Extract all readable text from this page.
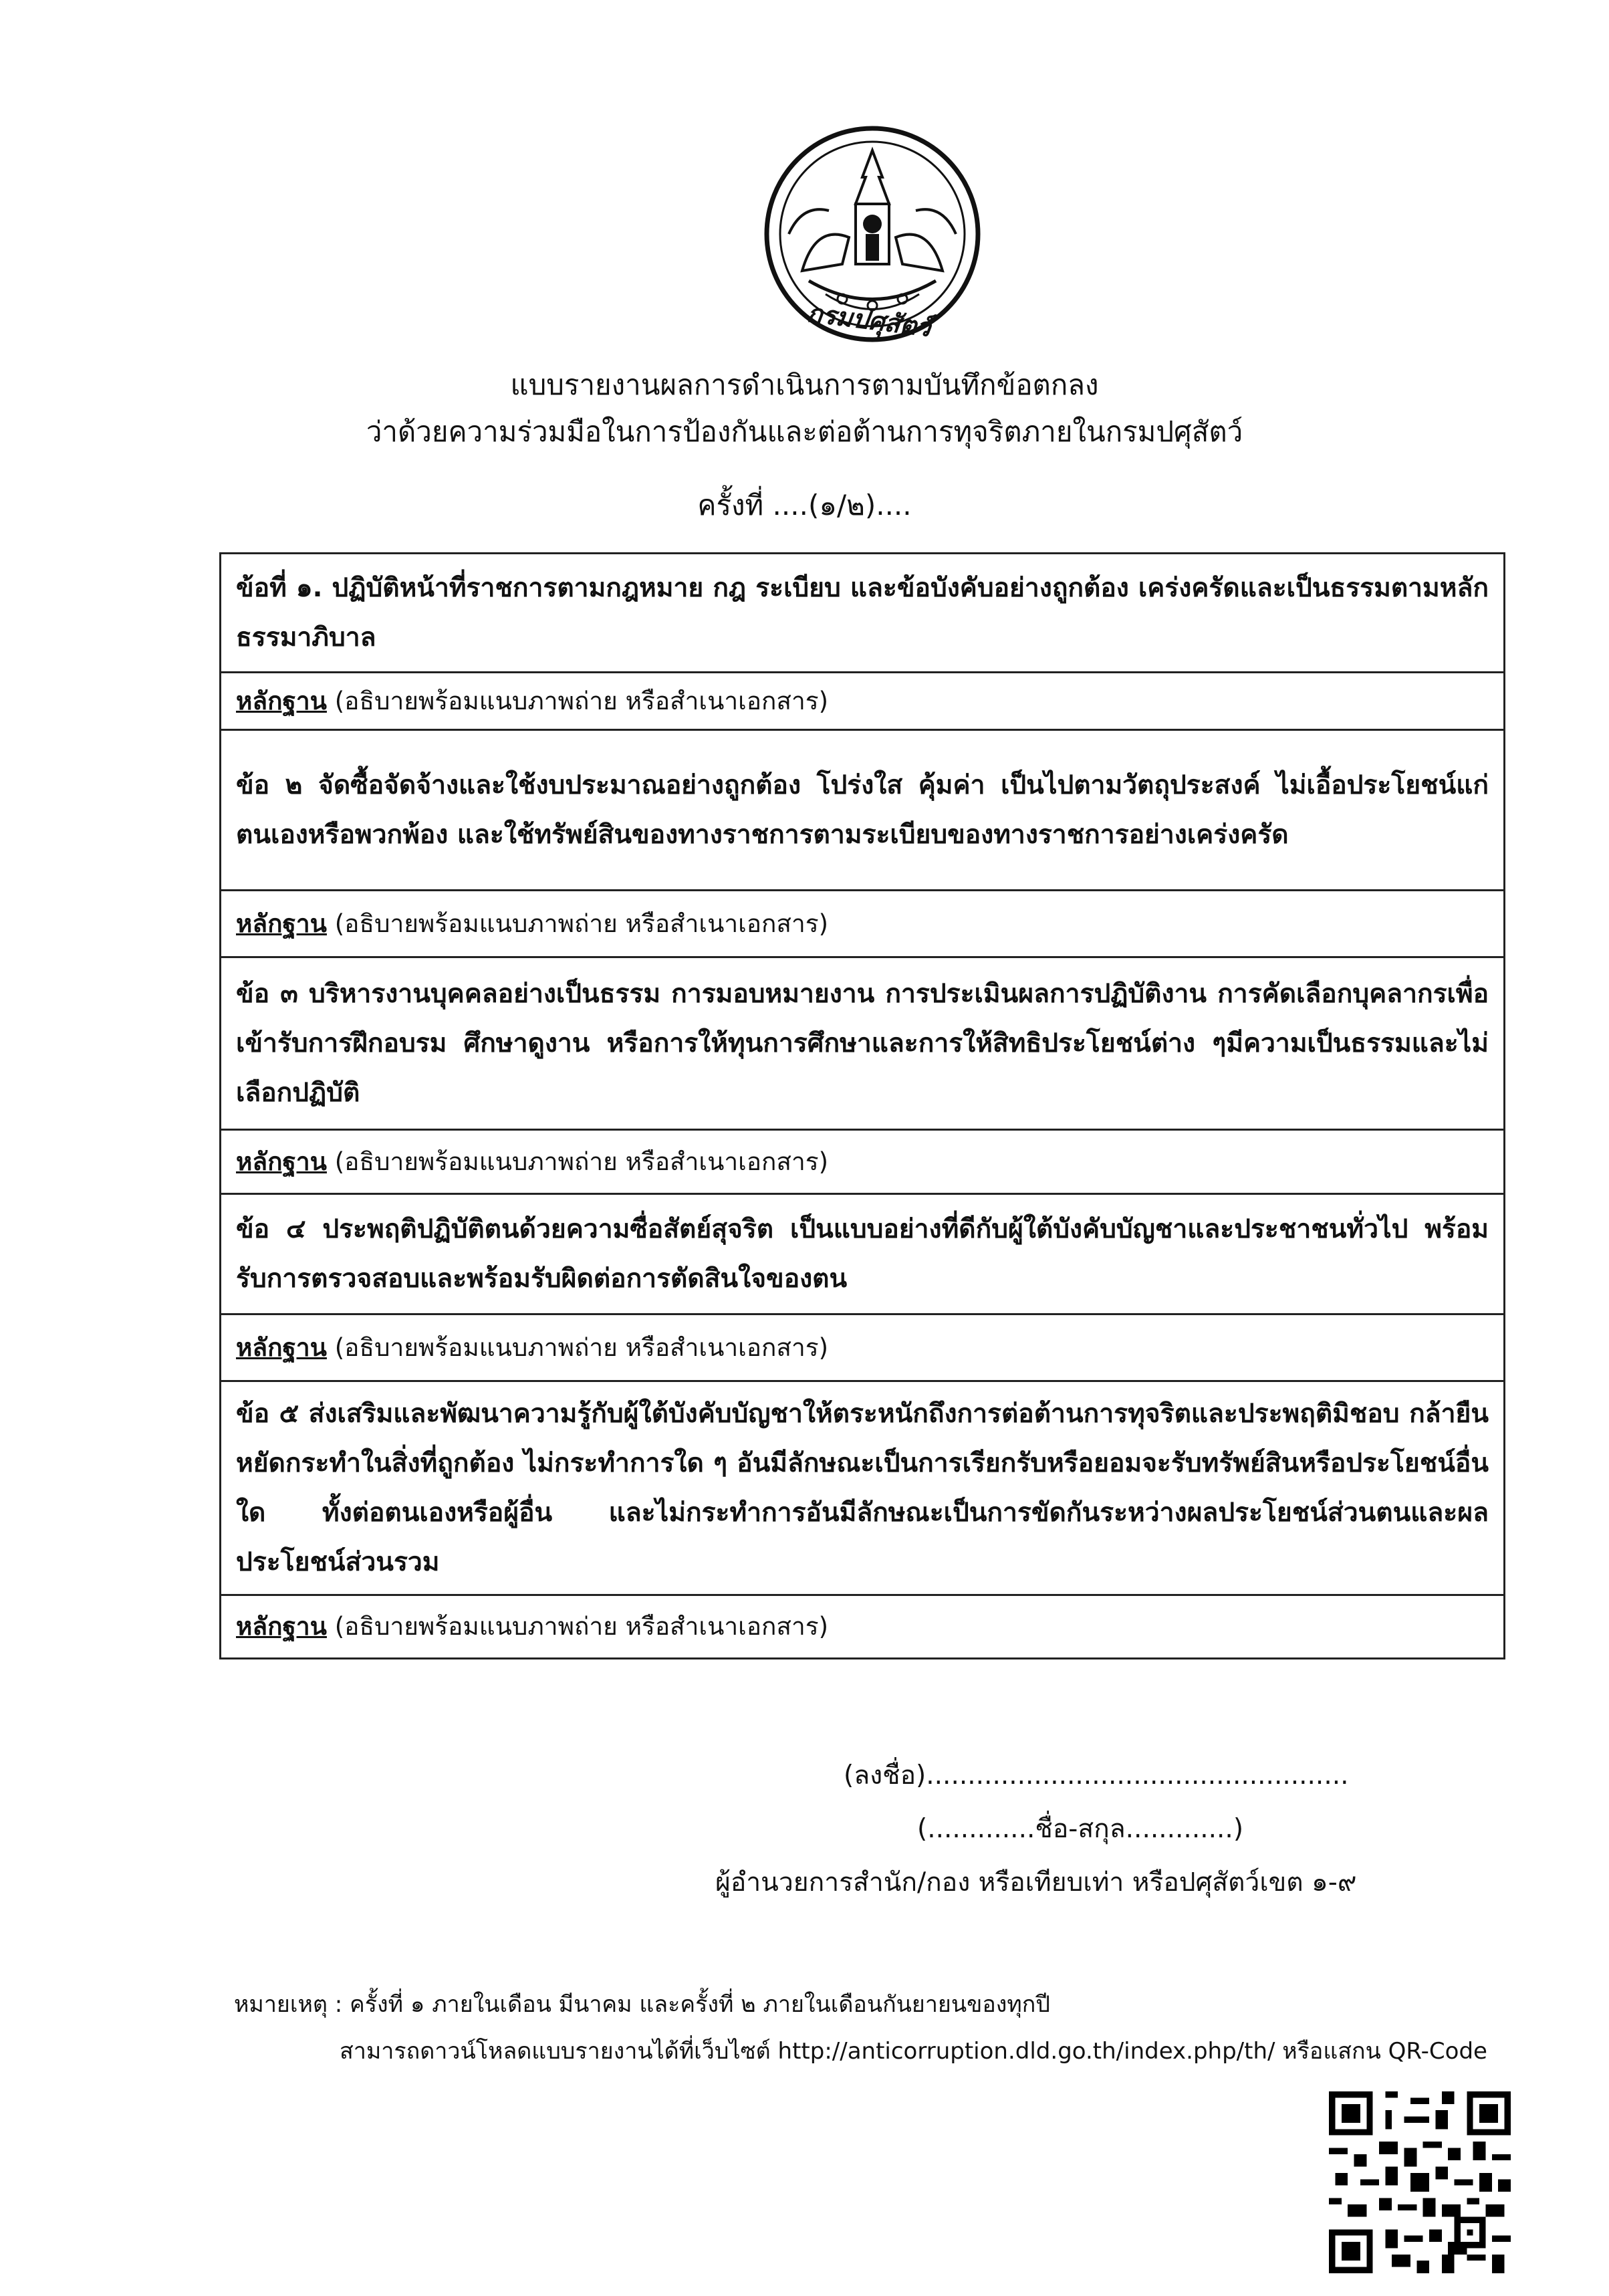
กรมปศุสัตว์
แบบรายงานผลการดำเนินการตามบันทึกข้อตกลง
ว่าด้วยความร่วมมือในการป้องกันและต่อต้านการทุจริตภายในกรมปศุสัตว์
ครั้งที่ ....(๑/๒)....
ข้อที่ ๑. ปฏิบัติหน้าที่ราชการตามกฎหมาย กฎ ระเบียบ และข้อบังคับอย่างถูกต้อง เคร่งครัดและเป็นธรรมตามหลักธรรมาภิบาล
หลักฐาน (อธิบายพร้อมแนบภาพถ่าย หรือสำเนาเอกสาร)
ข้อ ๒ จัดซื้อจัดจ้างและใช้งบประมาณอย่างถูกต้อง โปร่งใส คุ้มค่า เป็นไปตามวัตถุประสงค์ ไม่เอื้อประโยชน์แก่ตนเองหรือพวกพ้อง และใช้ทรัพย์สินของทางราชการตามระเบียบของทางราชการอย่างเคร่งครัด
หลักฐาน (อธิบายพร้อมแนบภาพถ่าย หรือสำเนาเอกสาร)
ข้อ ๓ บริหารงานบุคคลอย่างเป็นธรรม การมอบหมายงาน การประเมินผลการปฏิบัติงาน การคัดเลือกบุคลากรเพื่อเข้ารับการฝึกอบรม ศึกษาดูงาน หรือการให้ทุนการศึกษาและการให้สิทธิประโยชน์ต่าง ๆมีความเป็นธรรมและไม่เลือกปฏิบัติ
หลักฐาน (อธิบายพร้อมแนบภาพถ่าย หรือสำเนาเอกสาร)
ข้อ ๔ ประพฤติปฏิบัติตนด้วยความซื่อสัตย์สุจริต เป็นแบบอย่างที่ดีกับผู้ใต้บังคับบัญชาและประชาชนทั่วไป พร้อมรับการตรวจสอบและพร้อมรับผิดต่อการตัดสินใจของตน
หลักฐาน (อธิบายพร้อมแนบภาพถ่าย หรือสำเนาเอกสาร)
ข้อ ๕ ส่งเสริมและพัฒนาความรู้กับผู้ใต้บังคับบัญชาให้ตระหนักถึงการต่อต้านการทุจริตและประพฤติมิชอบ กล้ายืนหยัดกระทำในสิ่งที่ถูกต้อง ไม่กระทำการใด ๆ อันมีลักษณะเป็นการเรียกรับหรือยอมจะรับทรัพย์สินหรือประโยชน์อื่นใด ทั้งต่อตนเองหรือผู้อื่น และไม่กระทำการอันมีลักษณะเป็นการขัดกันระหว่างผลประโยชน์ส่วนตนและผลประโยชน์ส่วนรวม
หลักฐาน (อธิบายพร้อมแนบภาพถ่าย หรือสำเนาเอกสาร)
(ลงชื่อ)...................................................
(.............ชื่อ-สกุล.............)
ผู้อำนวยการสำนัก/กอง หรือเทียบเท่า หรือปศุสัตว์เขต ๑-๙
หมายเหตุ : ครั้งที่ ๑ ภายในเดือน มีนาคม และครั้งที่ ๒ ภายในเดือนกันยายนของทุกปี
สามารถดาวน์โหลดแบบรายงานได้ที่เว็บไซต์ http://anticorruption.dld.go.th/index.php/th/ หรือแสกน QR-Code
